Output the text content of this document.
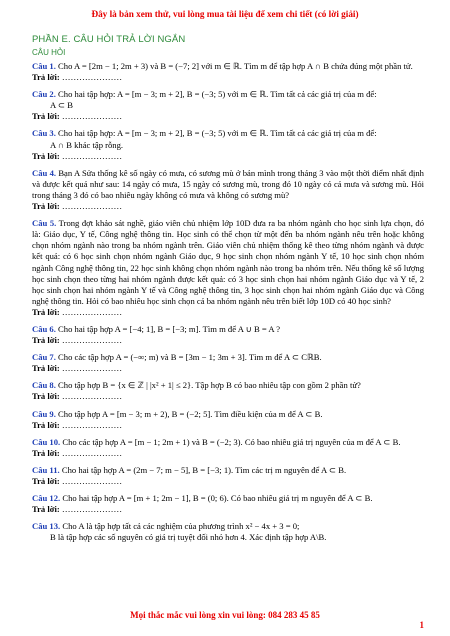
Đây là bản xem thử, vui lòng mua tài liệu để xem chi tiết (có lời giải)
PHẦN E. CÂU HỎI TRẢ LỜI NGẮN
CÂU HỎI

Câu 1. Cho A = [2m − 1; 2m + 3) và B = (−7; 2] với m ∈ ℝ. Tìm m để tập hợp A ∩ B chứa đúng một phần tử.

Trả lời: …………………

Câu 2. Cho hai tập hợp: A = [m − 3; m + 2], B = (−3; 5) với m ∈ ℝ. Tìm tất cả các giá trị của m để:

A ⊂ B

Trả lời: …………………

Câu 3. Cho hai tập hợp: A = [m − 3; m + 2], B = (−3; 5) với m ∈ ℝ. Tìm tất cả các giá trị của m để:

A ∩ B khác tập rỗng.

Trả lời: …………………

Câu 4. Bạn A Sửa thống kê số ngày có mưa, có sương mù ở bản mình trong tháng 3 vào một thời điểm nhất định và được kết quả như sau: 14 ngày có mưa, 15 ngày có sương mù, trong đó 10 ngày có cả mưa và sương mù. Hỏi trong tháng 3 đó có bao nhiêu ngày không có mưa và không có sương mù?

Trả lời: …………………

Câu 5. Trong đợt khảo sát nghề, giáo viên chủ nhiệm lớp 10D đưa ra ba nhóm ngành cho học sinh lựa chọn, đó là: Giáo dục, Y tế, Công nghệ thông tin. Học sinh có thể chọn từ một đến ba nhóm ngành nêu trên hoặc không chọn nhóm ngành nào trong ba nhóm ngành trên. Giáo viên chủ nhiệm thống kê theo từng nhóm ngành và được kết quả: có 6 học sinh chọn nhóm ngành Giáo dục, 9 học sinh chọn nhóm ngành Y tế, 10 học sinh chọn nhóm ngành Công nghệ thông tin, 22 học sinh không chọn nhóm ngành nào trong ba nhóm trên. Nếu thống kê số lượng học sinh chọn theo từng hai nhóm ngành được kết quả: có 3 học sinh chọn hai nhóm ngành Giáo dục và Y tế, 2 học sinh chọn hai nhóm ngành Y tế và Công nghệ thông tin, 3 học sinh chọn hai nhóm ngành Giáo dục và Công nghệ thông tin. Hỏi có bao nhiêu học sinh chọn cả ba nhóm ngành nêu trên biết lớp 10D có 40 học sinh?

Trả lời: …………………

Câu 6. Cho hai tập hợp A = [−4; 1], B = [−3; m]. Tìm m để A ∪ B = A ?

Trả lời: …………………

Câu 7. Cho các tập hợp A = (−∞; m) và B = [3m − 1; 3m + 3]. Tìm m để A ⊂ CℝB.

Trả lời: …………………

Câu 8. Cho tập hợp B = {x ∈ ℤ | |x² + 1| ≤ 2}. Tập hợp B có bao nhiêu tập con gồm 2 phần tử?

Trả lời: …………………

Câu 9. Cho tập hợp A = [m − 3; m + 2), B = (−2; 5]. Tìm điều kiện của m để A ⊂ B.

Trả lời: …………………

Câu 10. Cho các tập hợp A = [m − 1; 2m + 1) và B = (−2; 3). Có bao nhiêu giá trị nguyên của m để A ⊂ B.

Trả lời: …………………

Câu 11. Cho hai tập hợp A = (2m − 7; m − 5], B = [−3; 1). Tìm các trị m nguyên để A ⊂ B.

Trả lời: …………………

Câu 12. Cho hai tập hợp A = [m + 1; 2m − 1], B = (0; 6). Có bao nhiêu giá trị m nguyên để A ⊂ B.

Trả lời: …………………

Câu 13. Cho A là tập hợp tất cả các nghiệm của phương trình x² − 4x + 3 = 0;

B là tập hợp các số nguyên có giá trị tuyệt đối nhỏ hơn 4. Xác định tập hợp A\B.

Mọi thắc mắc vui lòng xin vui lòng: 084 283 45 85
1
